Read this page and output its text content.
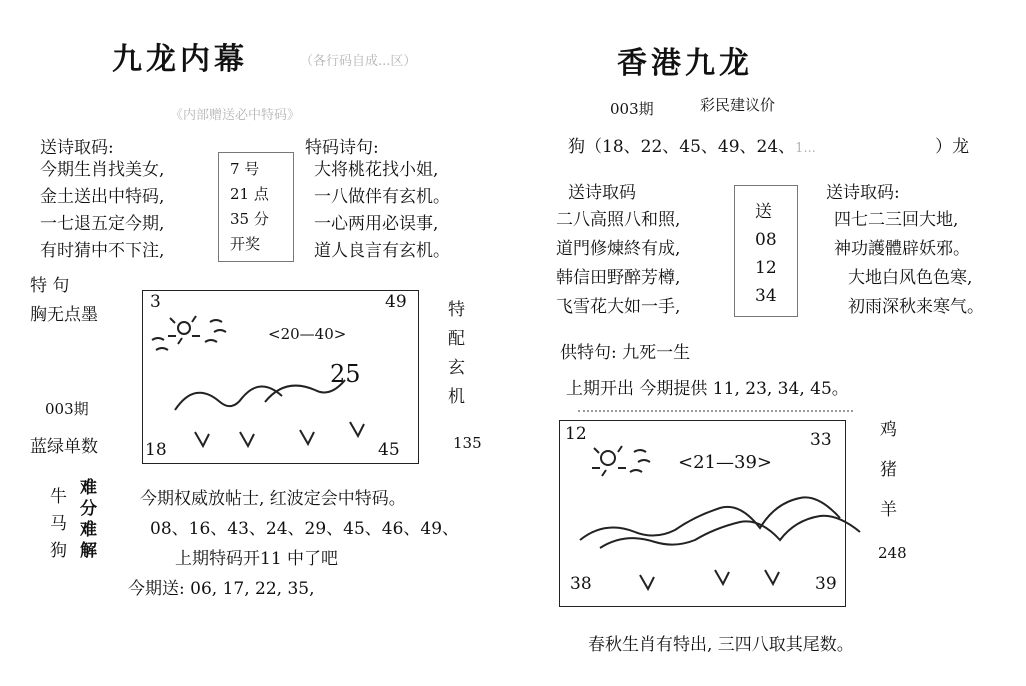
九龙内幕	（各行码自成...区）
《内部赠送必中特码》
送诗取码:	特码诗句:
今期生肖找美女,
金土送出中特码,
一七退五定今期,
有时猜中不下注,
7 号
21 点
35 分
开奖
大将桃花找小姐,
一八做伴有玄机。
一心两用必误事,
道人良言有玄机。
特 句
胸无点墨
003期
蓝绿单数
3	49
18	45
<20—40>
25
特
配
玄
机
135
牛
马
狗
难
分
难
解
今期权威放帖士, 红波定会中特码。
08、16、43、24、29、45、46、49、
上期特码开11 中了吧
今期送: 06, 17, 22, 35,
香港九龙
003期	彩民建议价
狗（18、22、45、49、24、1...	）龙
送诗取码	送诗取码:
二八高照八和照,
道門修煉終有成,
韩信田野醉芳樽,
飞雪花大如一手,
送
08
12
34
四七二三回大地,
神功護體辟妖邪。
大地白风色色寒,
初雨深秋来寒气。
供特句: 九死一生
上期开出 今期提供 11, 23, 34, 45。
12	33
38	39
<21—39>
鸡
猪
羊
248
春秋生肖有特出, 三四八取其尾数。
